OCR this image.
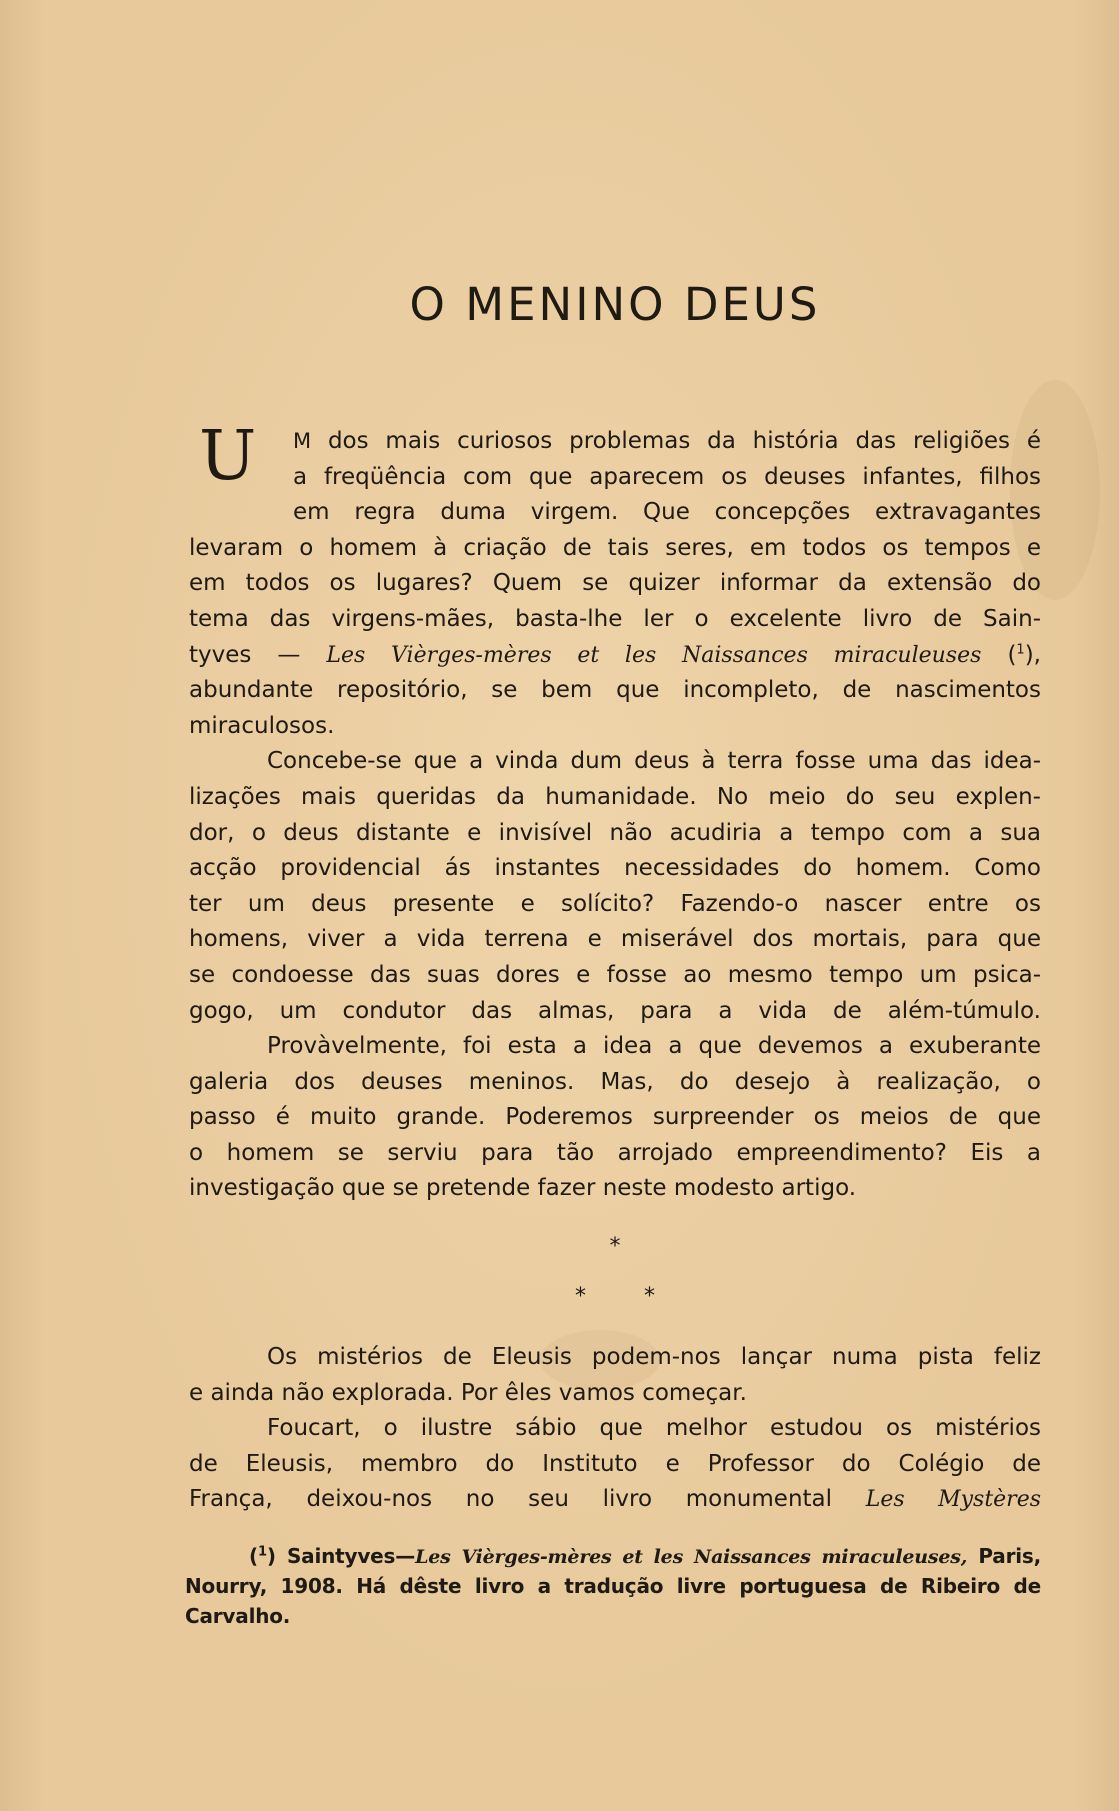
O MENINO DEUS
U	M dos mais curiosos problemas da história das religiões é
a freqüência com que aparecem os deuses infantes, filhos
em regra duma virgem. Que concepções extravagantes
levaram o homem à criação de tais seres, em todos os tempos e
em todos os lugares? Quem se quizer informar da extensão do
tema das virgens-mães, basta-lhe ler o excelente livro de Sain-
tyves — Les Vièrges-mères et les Naissances miraculeuses ($^1$),
abundante repositório, se bem que incompleto, de nascimentos
miraculosos.
Concebe-se que a vinda dum deus à terra fosse uma das idea-
lizações mais queridas da humanidade. No meio do seu explen-
dor, o deus distante e invisível não acudiria a tempo com a sua
acção providencial ás instantes necessidades do homem. Como
ter um deus presente e solícito? Fazendo-o nascer entre os
homens, viver a vida terrena e miserável dos mortais, para que
se condoesse das suas dores e fosse ao mesmo tempo um psica-
gogo, um condutor das almas, para a vida de além-túmulo.
Provàvelmente, foi esta a idea a que devemos a exuberante
galeria dos deuses meninos. Mas, do desejo à realização, o
passo é muito grande. Poderemos surpreender os meios de que
o homem se serviu para tão arrojado empreendimento? Eis a
investigação que se pretende fazer neste modesto artigo.
*
*	*
Os mistérios de Eleusis podem-nos lançar numa pista feliz
e ainda não explorada. Por êles vamos começar.
Foucart, o ilustre sábio que melhor estudou os mistérios
de Eleusis, membro do Instituto e Professor do Colégio de
França, deixou-nos no seu livro monumental Les Mystères
($^1$) Saintyves—Les Vièrges-mères et les Naissances miraculeuses, Paris,
Nourry, 1908. Há dêste livro a tradução livre portuguesa de Ribeiro de
Carvalho.
